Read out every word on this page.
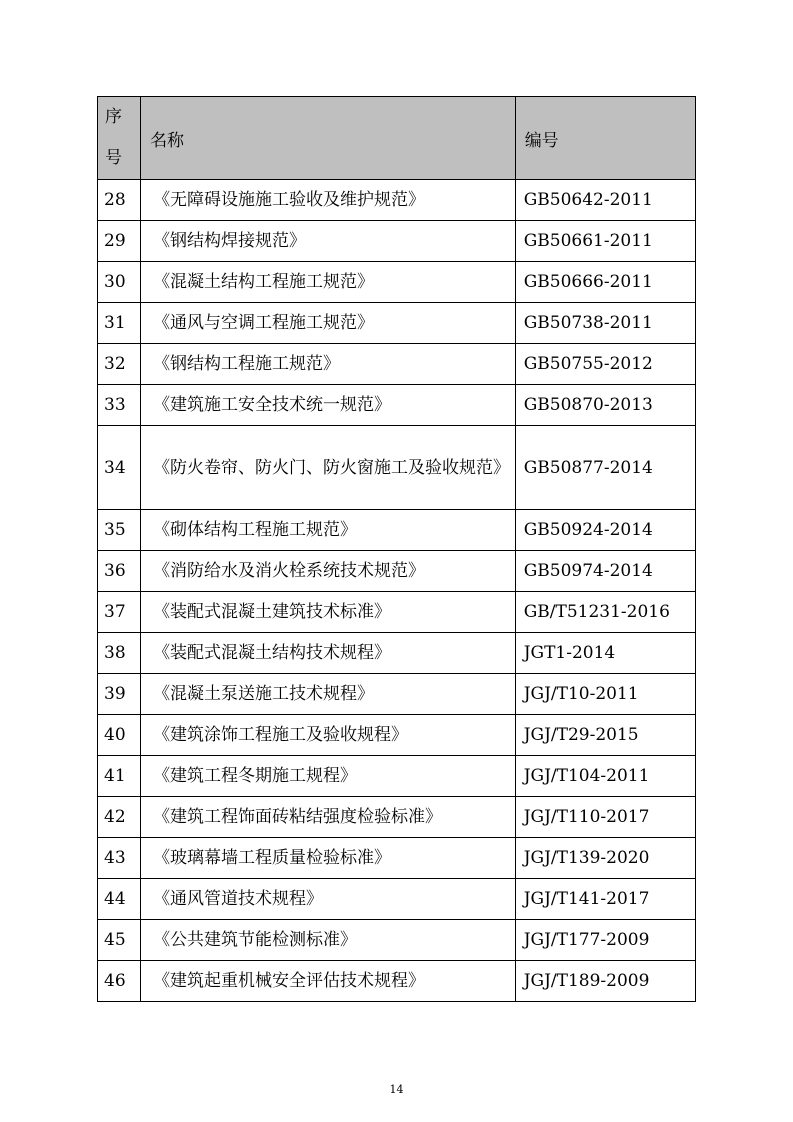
序号	名称	编号
28	《无障碍设施施工验收及维护规范》	GB50642-2011
29	《钢结构焊接规范》	GB50661-2011
30	《混凝土结构工程施工规范》	GB50666-2011
31	《通风与空调工程施工规范》	GB50738-2011
32	《钢结构工程施工规范》	GB50755-2012
33	《建筑施工安全技术统一规范》	GB50870-2013
34	《防火卷帘、防火门、防火窗施工及验收规范》	GB50877-2014
35	《砌体结构工程施工规范》	GB50924-2014
36	《消防给水及消火栓系统技术规范》	GB50974-2014
37	《装配式混凝土建筑技术标准》	GB/T51231-2016
38	《装配式混凝土结构技术规程》	JGT1-2014
39	《混凝土泵送施工技术规程》	JGJ/T10-2011
40	《建筑涂饰工程施工及验收规程》	JGJ/T29-2015
41	《建筑工程冬期施工规程》	JGJ/T104-2011
42	《建筑工程饰面砖粘结强度检验标准》	JGJ/T110-2017
43	《玻璃幕墙工程质量检验标准》	JGJ/T139-2020
44	《通风管道技术规程》	JGJ/T141-2017
45	《公共建筑节能检测标准》	JGJ/T177-2009
46	《建筑起重机械安全评估技术规程》	JGJ/T189-2009
14
